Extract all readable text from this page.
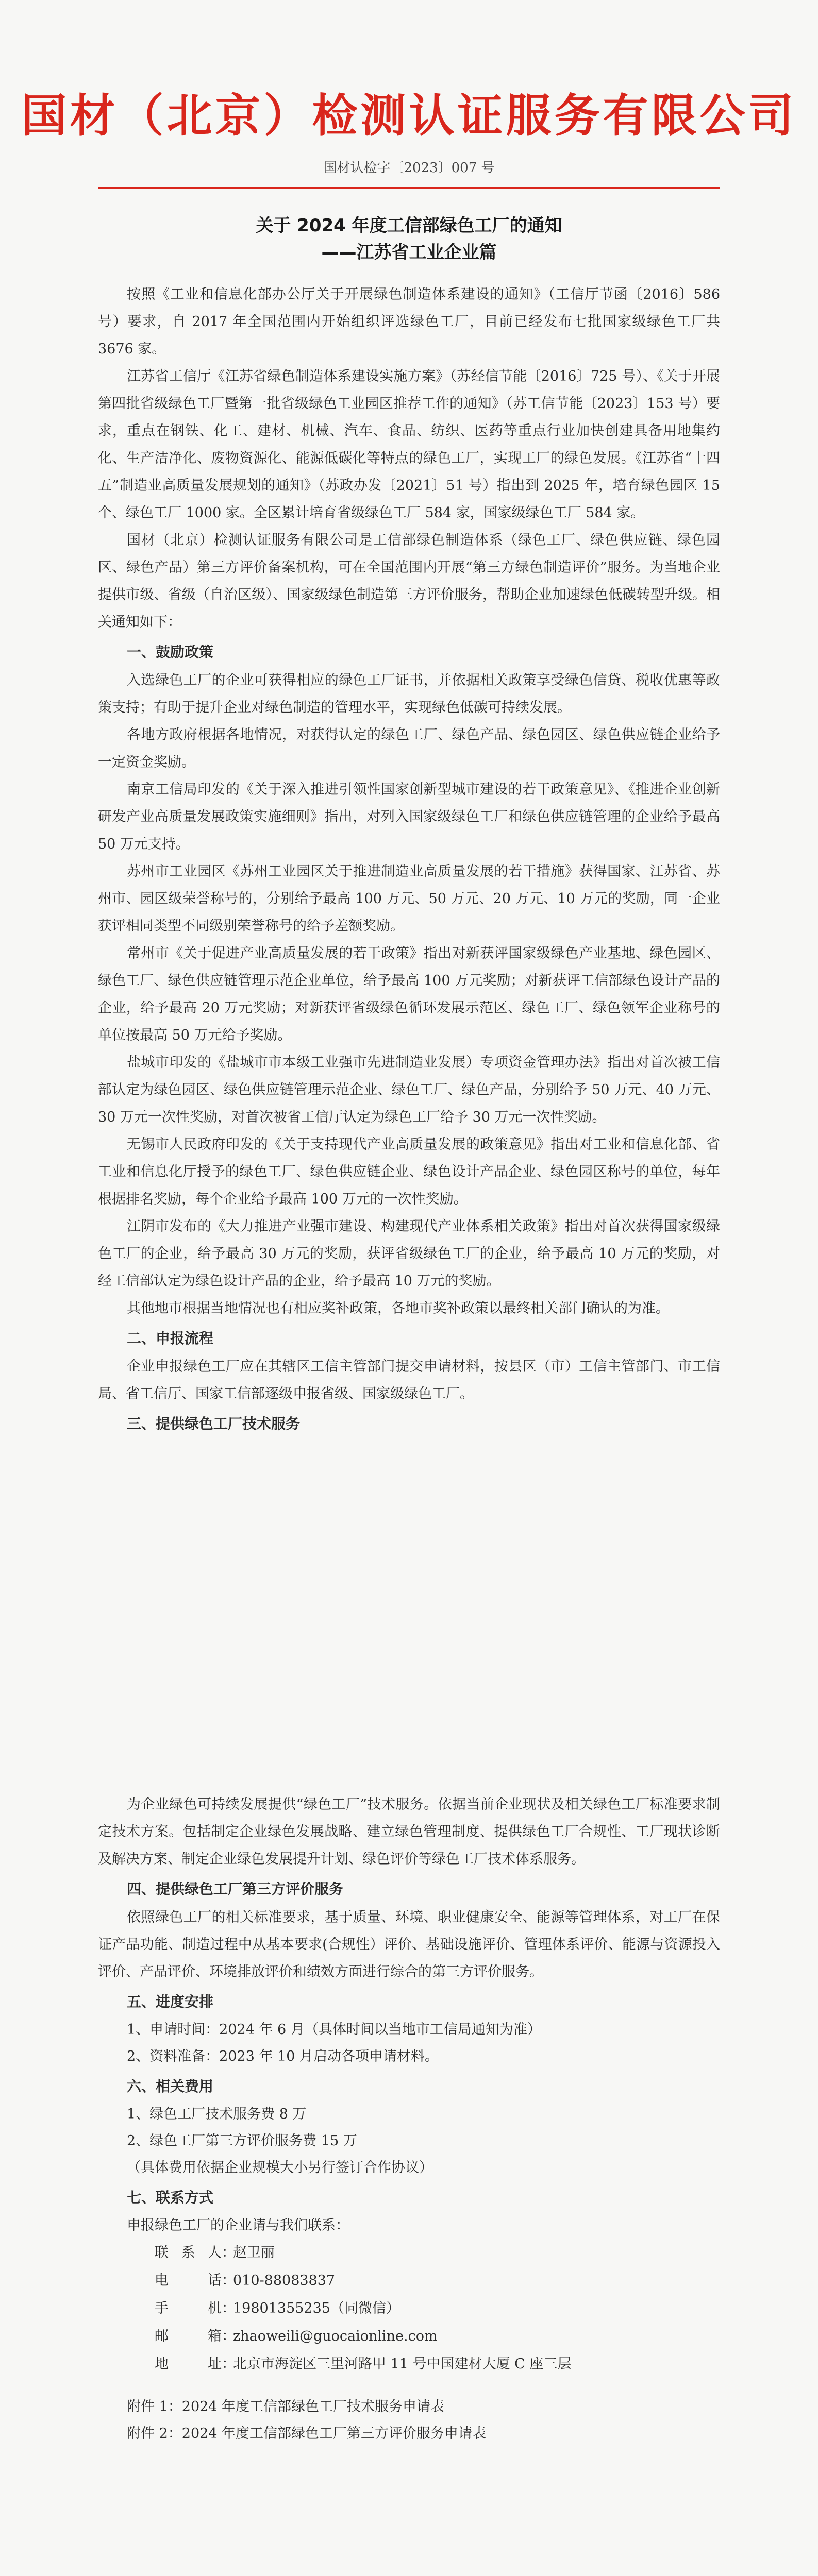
国材（北京）检测认证服务有限公司
国材认检字〔2023〕007 号
关于 2024 年度工信部绿色工厂的通知
——江苏省工业企业篇

按照《工业和信息化部办公厅关于开展绿色制造体系建设的通知》（工信厅节函〔2016〕586 号）要求，自 2017 年全国范围内开始组织评选绿色工厂，目前已经发布七批国家级绿色工厂共 3676 家。

江苏省工信厅《江苏省绿色制造体系建设实施方案》（苏经信节能〔2016〕725 号）、《关于开展第四批省级绿色工厂暨第一批省级绿色工业园区推荐工作的通知》（苏工信节能〔2023〕153 号）要求，重点在钢铁、化工、建材、机械、汽车、食品、纺织、医药等重点行业加快创建具备用地集约化、生产洁净化、废物资源化、能源低碳化等特点的绿色工厂，实现工厂的绿色发展。《江苏省“十四五”制造业高质量发展规划的通知》（苏政办发〔2021〕51 号）指出到 2025 年，培育绿色园区 15 个、绿色工厂 1000 家。全区累计培育省级绿色工厂 584 家，国家级绿色工厂 584 家。

国材（北京）检测认证服务有限公司是工信部绿色制造体系（绿色工厂、绿色供应链、绿色园区、绿色产品）第三方评价备案机构，可在全国范围内开展“第三方绿色制造评价”服务。为当地企业提供市级、省级（自治区级）、国家级绿色制造第三方评价服务，帮助企业加速绿色低碳转型升级。相关通知如下：

一、鼓励政策

入选绿色工厂的企业可获得相应的绿色工厂证书，并依据相关政策享受绿色信贷、税收优惠等政策支持；有助于提升企业对绿色制造的管理水平，实现绿色低碳可持续发展。

各地方政府根据各地情况，对获得认定的绿色工厂、绿色产品、绿色园区、绿色供应链企业给予一定资金奖励。

南京工信局印发的《关于深入推进引领性国家创新型城市建设的若干政策意见》、《推进企业创新研发产业高质量发展政策实施细则》指出，对列入国家级绿色工厂和绿色供应链管理的企业给予最高 50 万元支持。

苏州市工业园区《苏州工业园区关于推进制造业高质量发展的若干措施》获得国家、江苏省、苏州市、园区级荣誉称号的，分别给予最高 100 万元、50 万元、20 万元、10 万元的奖励，同一企业获评相同类型不同级别荣誉称号的给予差额奖励。

常州市《关于促进产业高质量发展的若干政策》指出对新获评国家级绿色产业基地、绿色园区、绿色工厂、绿色供应链管理示范企业单位，给予最高 100 万元奖励；对新获评工信部绿色设计产品的企业，给予最高 20 万元奖励；对新获评省级绿色循环发展示范区、绿色工厂、绿色领军企业称号的单位按最高 50 万元给予奖励。

盐城市印发的《盐城市市本级工业强市先进制造业发展）专项资金管理办法》指出对首次被工信部认定为绿色园区、绿色供应链管理示范企业、绿色工厂、绿色产品，分别给予 50 万元、40 万元、30 万元一次性奖励，对首次被省工信厅认定为绿色工厂给予 30 万元一次性奖励。

无锡市人民政府印发的《关于支持现代产业高质量发展的政策意见》指出对工业和信息化部、省工业和信息化厅授予的绿色工厂、绿色供应链企业、绿色设计产品企业、绿色园区称号的单位，每年根据排名奖励，每个企业给予最高 100 万元的一次性奖励。

江阴市发布的《大力推进产业强市建设、构建现代产业体系相关政策》指出对首次获得国家级绿色工厂的企业，给予最高 30 万元的奖励，获评省级绿色工厂的企业，给予最高 10 万元的奖励，对经工信部认定为绿色设计产品的企业，给予最高 10 万元的奖励。

其他地市根据当地情况也有相应奖补政策，各地市奖补政策以最终相关部门确认的为准。

二、申报流程

企业申报绿色工厂应在其辖区工信主管部门提交申请材料，按县区（市）工信主管部门、市工信局、省工信厅、国家工信部逐级申报省级、国家级绿色工厂。

三、提供绿色工厂技术服务

为企业绿色可持续发展提供“绿色工厂”技术服务。依据当前企业现状及相关绿色工厂标准要求制定技术方案。包括制定企业绿色发展战略、建立绿色管理制度、提供绿色工厂合规性、工厂现状诊断及解决方案、制定企业绿色发展提升计划、绿色评价等绿色工厂技术体系服务。

四、提供绿色工厂第三方评价服务

依照绿色工厂的相关标准要求，基于质量、环境、职业健康安全、能源等管理体系，对工厂在保证产品功能、制造过程中从基本要求(合规性）评价、基础设施评价、管理体系评价、能源与资源投入评价、产品评价、环境排放评价和绩效方面进行综合的第三方评价服务。

五、进度安排

1、申请时间：2024 年 6 月（具体时间以当地市工信局通知为准）

2、资料准备：2023 年 10 月启动各项申请材料。

六、相关费用

1、绿色工厂技术服务费 8 万

2、绿色工厂第三方评价服务费 15 万

（具体费用依据企业规模大小另行签订合作协议）

七、联系方式

申报绿色工厂的企业请与我们联系：

联系人 ：
赵卫丽
电　话 ：
010-88083837
手　机 ：
19801355235（同微信）
邮　箱 ：
zhaoweili@guocaionline.com
地　址 ：
北京市海淀区三里河路甲 11 号中国建材大厦 C 座三层

附件 1：2024 年度工信部绿色工厂技术服务申请表

附件 2：2024 年度工信部绿色工厂第三方评价服务申请表
